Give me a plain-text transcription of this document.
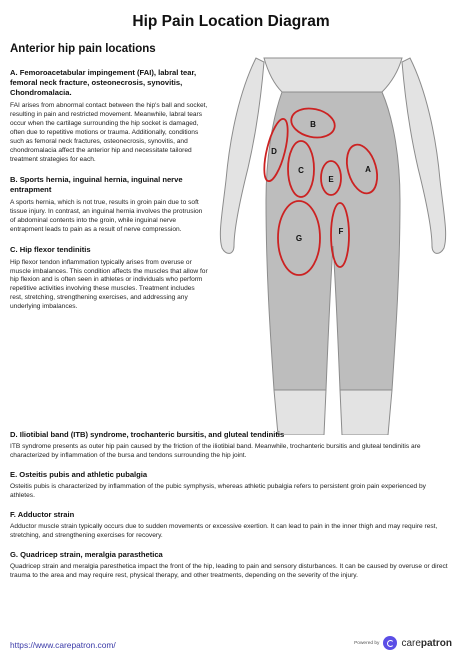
Hip Pain Location Diagram
Anterior hip pain locations
A. Femoroacetabular impingement (FAI), labral tear, femoral neck fracture, osteonecrosis, synovitis, Chondromalacia.

FAI arises from abnormal contact between the hip's ball and socket, resulting in pain and restricted movement. Meanwhile, labral tears occur when the cartilage surrounding the hip socket is damaged, often due to repetitive motions or trauma. Additionally, conditions such as femoral neck fractures, osteonecrosis, synovitis, and chondromalacia affect the anterior hip and necessitate tailored treatment strategies for each.

B. Sports hernia, inguinal hernia, inguinal nerve entrapment

A sports hernia, which is not true, results in groin pain due to soft tissue injury. In contrast, an inguinal hernia involves the protrusion of abdominal contents into the groin, while inguinal nerve entrapment leads to pain as a result of nerve compression.

C. Hip flexor tendinitis

Hip flexor tendon inflammation typically arises from overuse or muscle imbalances. This condition affects the muscles that allow for hip flexion and is often seen in athletes or individuals who perform repetitive activities involving these muscles. Treatment includes rest, stretching, strengthening exercises, and addressing any underlying imbalances.

B
D
C
E
A
G
F
D. Iliotibial band (ITB) syndrome, trochanteric bursitis, and gluteal tendinitis

ITB syndrome presents as outer hip pain caused by the friction of the iliotibial band. Meanwhile, trochanteric bursitis and gluteal tendinitis are characterized by inflammation of the bursa and tendons surrounding the hip joint.

E. Osteitis pubis and athletic pubalgia

Osteitis pubis is characterized by inflammation of the pubic symphysis, whereas athletic pubalgia refers to persistent groin pain experienced by athletes.

F. Adductor strain

Adductor muscle strain typically occurs due to sudden movements or excessive exertion. It can lead to pain in the inner thigh and may require rest, stretching, and strengthening exercises for recovery.

G. Quadricep strain, meralgia parasthetica

Quadricep strain and meralgia paresthetica impact the front of the hip, leading to pain and sensory disturbances. It can be caused by overuse or direct trauma to the area and may require rest, physical therapy, and other treatments, depending on the severity of the injury.

https://www.carepatron.com/	Powered by carepatron
